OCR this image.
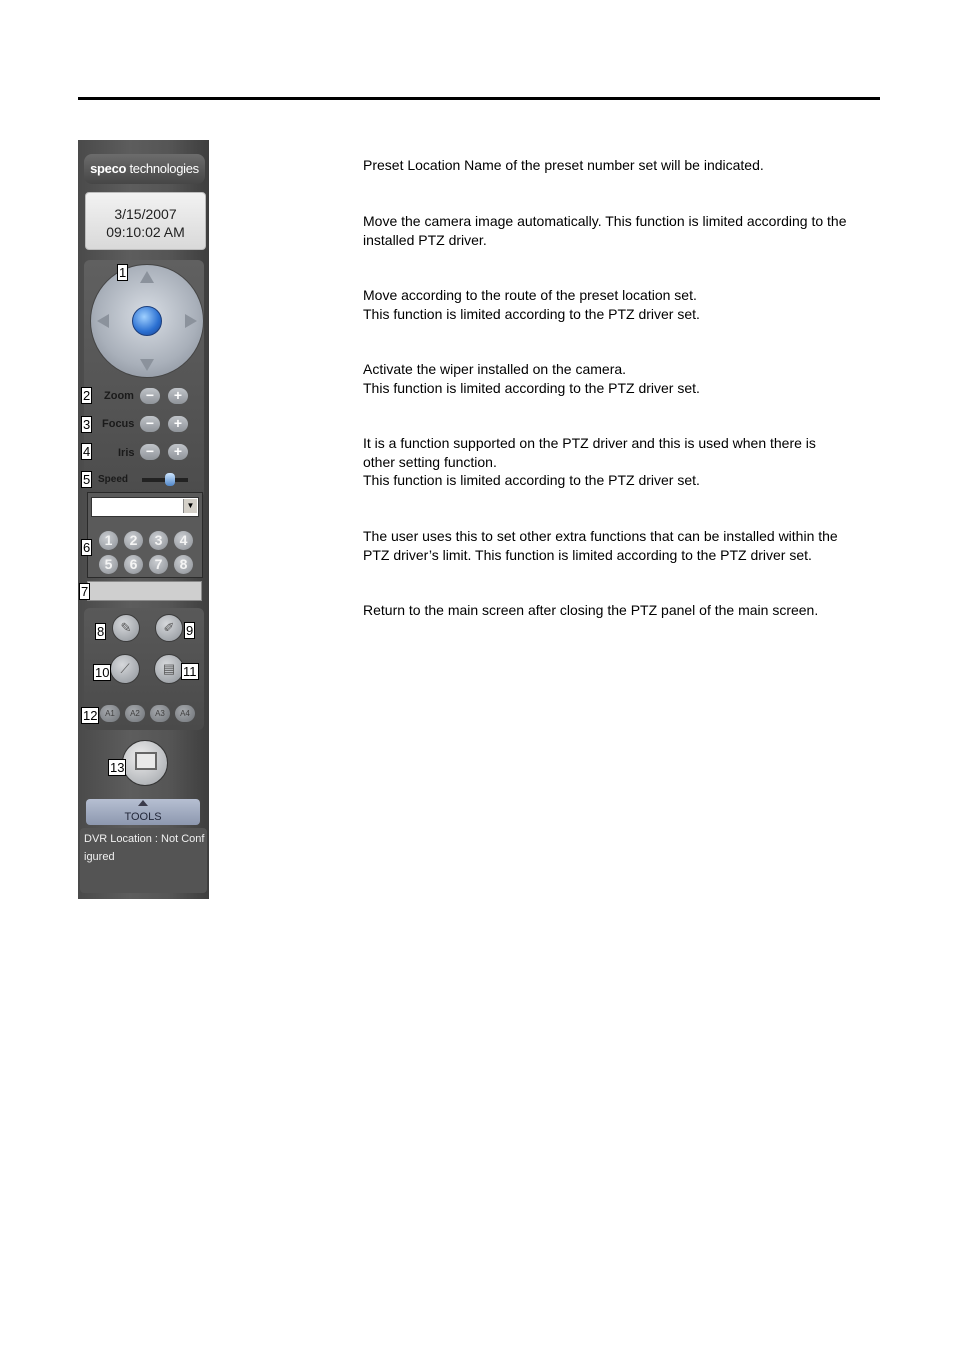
speco technologies
3/15/2007
09:10:02 AM
Zoom −	+
Focus −	+
Iris −	+
Speed
▼
1	2	3	4
5	6	7	8
✎	✐
⟋	▤
A1	A2	A3	A4
TOOLS
DVR Location : Not Configured
1
2
3
4
5
6
7
8	9
10	11
12
13
Preset Location Name of the preset number set will be indicated.
Move the camera image automatically. This function is limited according to the
installed PTZ driver.
Move according to the route of the preset location set.
This function is limited according to the PTZ driver set.
Activate the wiper installed on the camera.
This function is limited according to the PTZ driver set.
It is a function supported on the PTZ driver and this is used when there is
other setting function.
This function is limited according to the PTZ driver set.
The user uses this to set other extra functions that can be installed within the
PTZ driver’s limit. This function is limited according to the PTZ driver set.
Return to the main screen after closing the PTZ panel of the main screen.
